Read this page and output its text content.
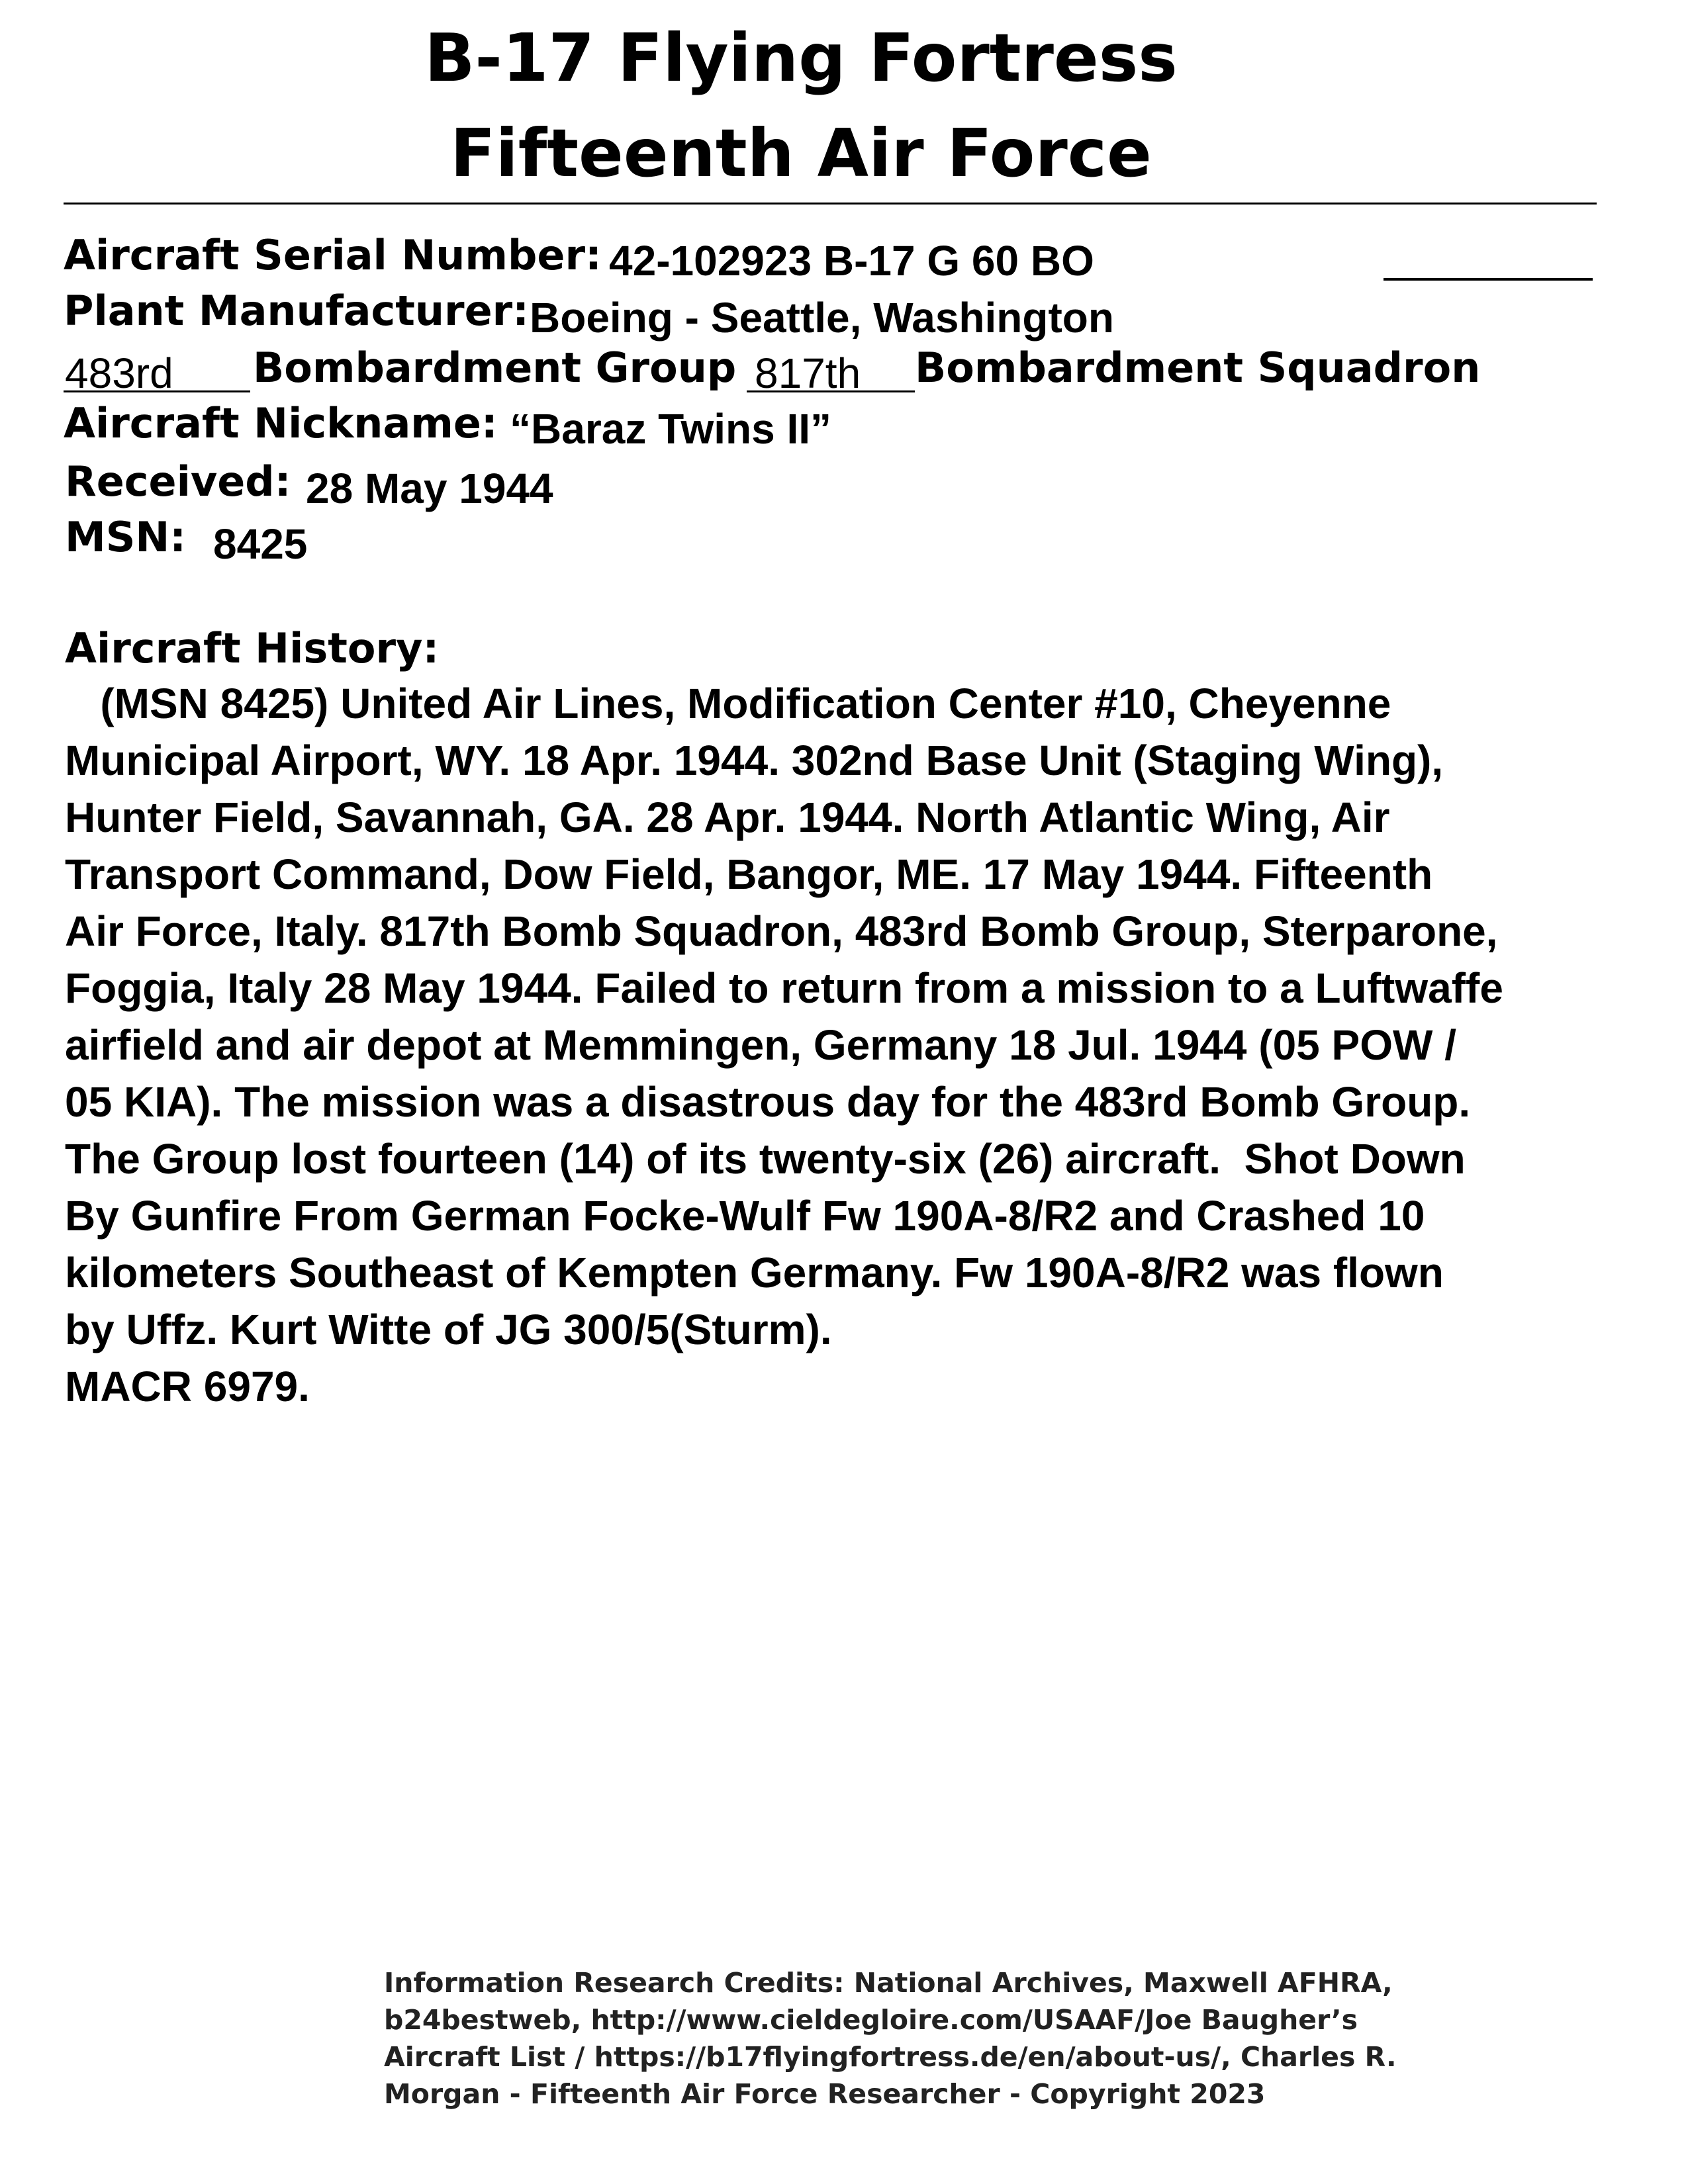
B-17 Flying Fortress
Fifteenth Air Force
Aircraft Serial Number: 42-102923 B-17 G 60 BO
Plant Manufacturer: Boeing - Seattle, Washington
483rd Bombardment Group 817th Bombardment Squadron
Aircraft Nickname: “Baraz Twins II”
Received: 28 May 1944
MSN: 8425
Aircraft History:
(MSN 8425) United Air Lines, Modification Center #10, Cheyenne
Municipal Airport, WY. 18 Apr. 1944. 302nd Base Unit (Staging Wing),
Hunter Field, Savannah, GA. 28 Apr. 1944. North Atlantic Wing, Air
Transport Command, Dow Field, Bangor, ME. 17 May 1944. Fifteenth
Air Force, Italy. 817th Bomb Squadron, 483rd Bomb Group, Sterparone,
Foggia, Italy 28 May 1944. Failed to return from a mission to a Luftwaffe
airfield and air depot at Memmingen, Germany 18 Jul. 1944 (05 POW /
05 KIA). The mission was a disastrous day for the 483rd Bomb Group.
The Group lost fourteen (14) of its twenty-six (26) aircraft.  Shot Down
By Gunfire From German Focke-Wulf Fw 190A-8/R2 and Crashed 10
kilometers Southeast of Kempten Germany. Fw 190A-8/R2 was flown
by Uffz. Kurt Witte of JG 300/5(Sturm).
MACR 6979.
Information Research Credits: National Archives, Maxwell AFHRA,
b24bestweb, http://www.cieldegloire.com/USAAF/Joe Baugher’s
Aircraft List / https://b17flyingfortress.de/en/about-us/, Charles R.
Morgan - Fifteenth Air Force Researcher - Copyright 2023
